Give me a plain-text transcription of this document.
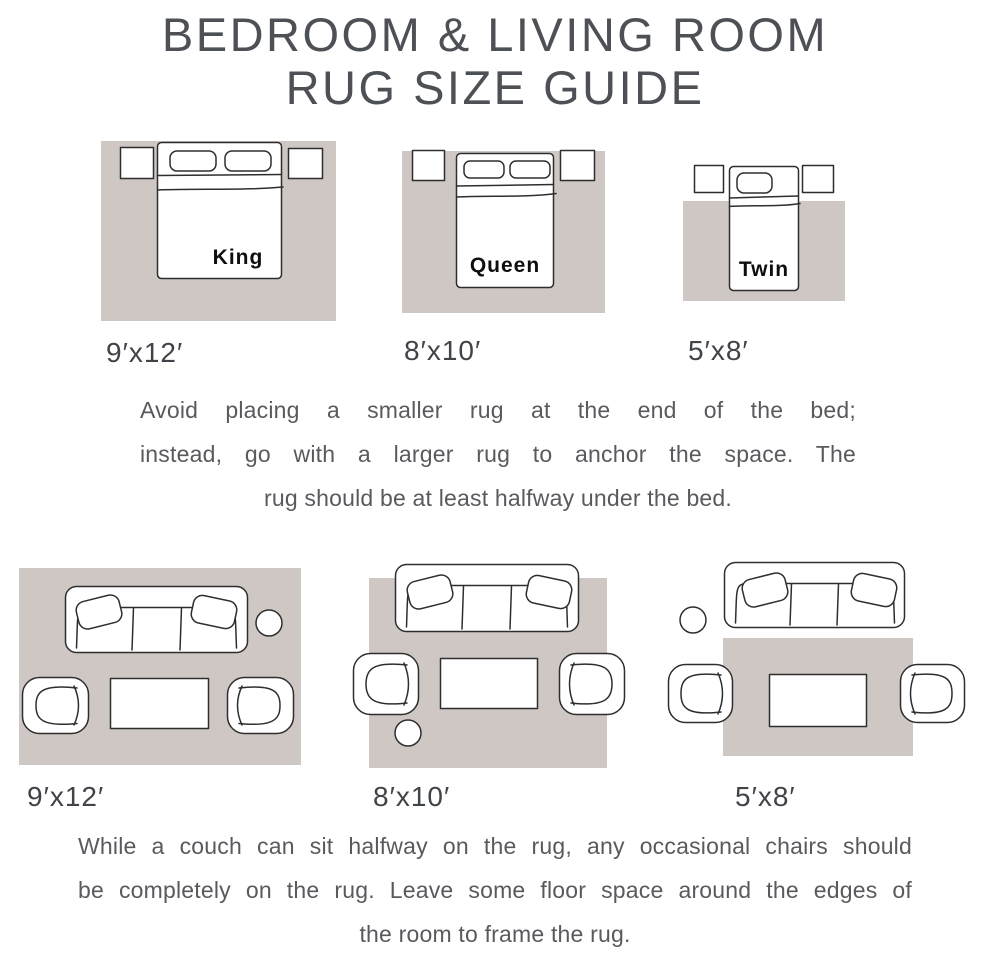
BEDROOM & LIVING ROOM
RUG SIZE GUIDE
King	Queen	Twin
9′x12′	8′x10′	5′x8′
9′x12′	8′x10′	5′x8′
Avoid placing a smaller rug at the end of the bed;
instead, go with a larger rug to anchor the space. The
rug should be at least halfway under the bed.
While a couch can sit halfway on the rug, any occasional chairs should
be completely on the rug. Leave some floor space around the edges of
the room to frame the rug.
